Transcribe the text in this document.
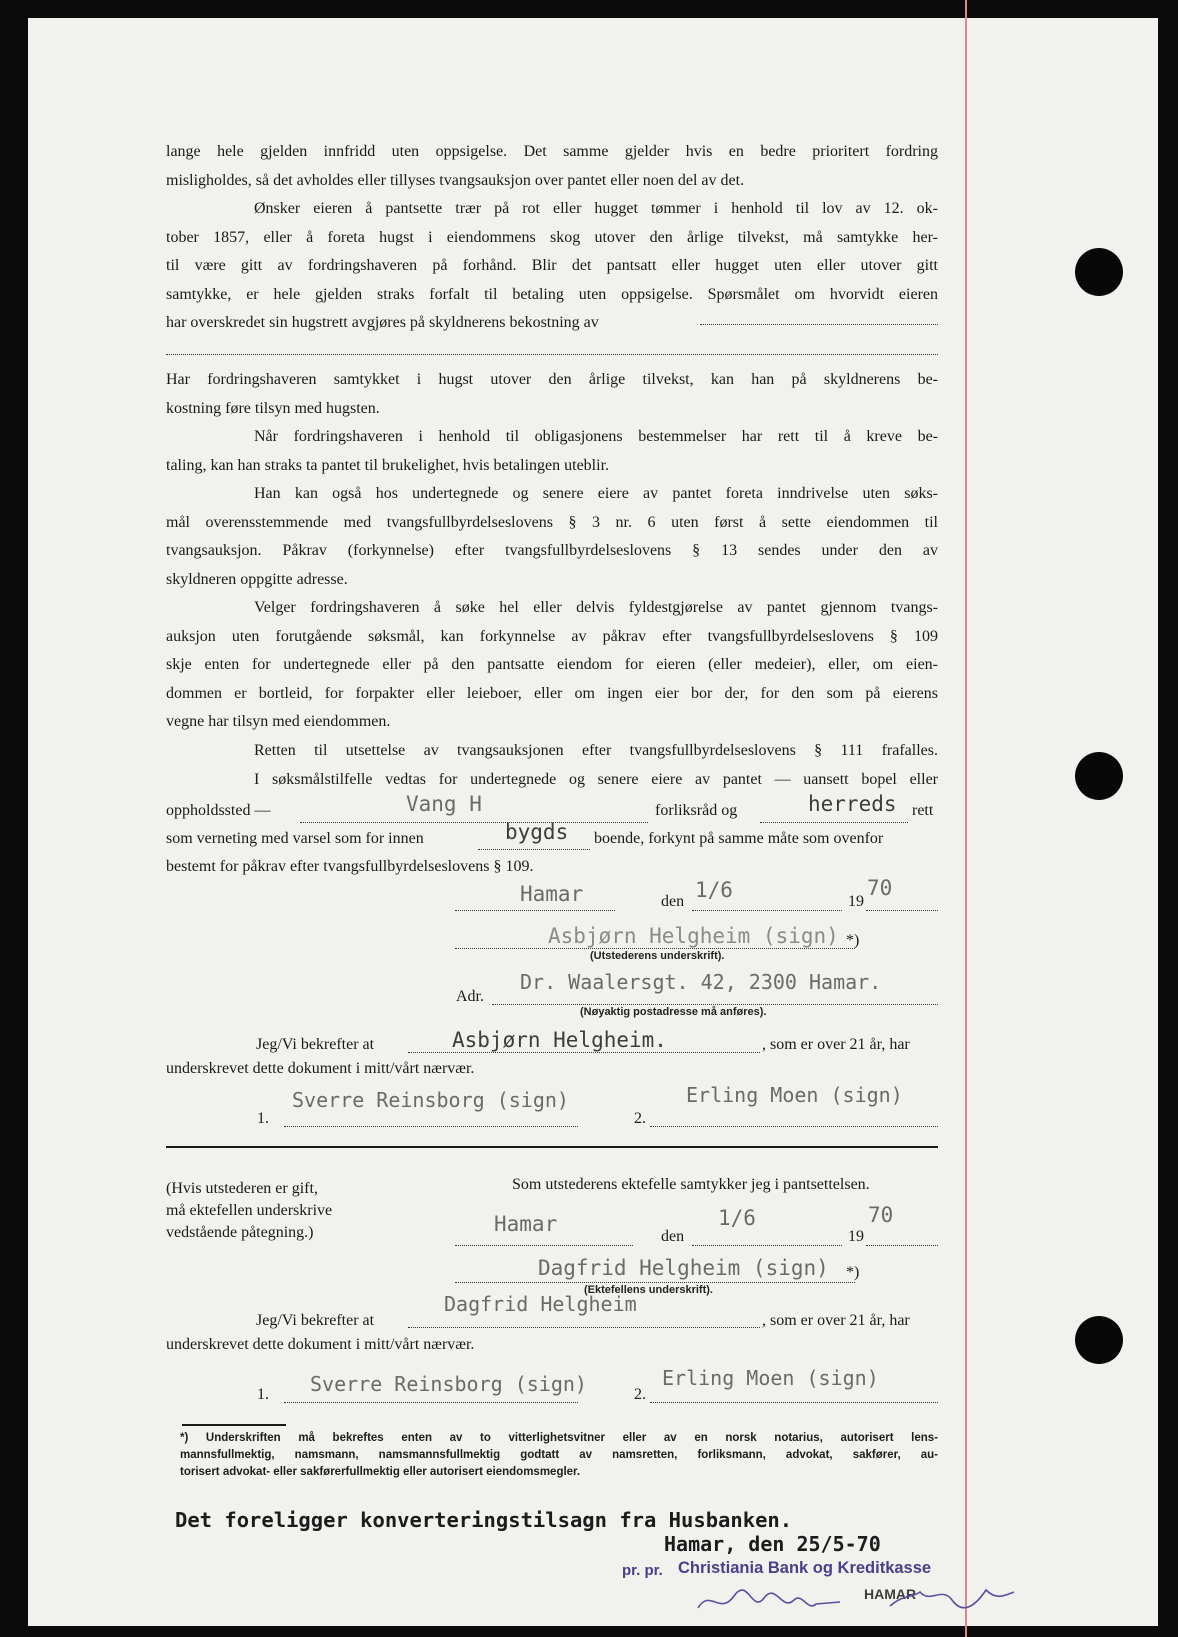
lange hele gjelden innfridd uten oppsigelse. Det samme gjelder hvis en bedre prioritert fordring
misligholdes, så det avholdes eller tillyses tvangsauksjon over pantet eller noen del av det.
Ønsker eieren å pantsette trær på rot eller hugget tømmer i henhold til lov av 12. ok-
tober 1857, eller å foreta hugst i eiendommens skog utover den årlige tilvekst, må samtykke her-
til være gitt av fordringshaveren på forhånd. Blir det pantsatt eller hugget uten eller utover gitt
samtykke, er hele gjelden straks forfalt til betaling uten oppsigelse. Spørsmålet om hvorvidt eieren
har overskredet sin hugstrett avgjøres på skyldnerens bekostning av
Har fordringshaveren samtykket i hugst utover den årlige tilvekst, kan han på skyldnerens be-
kostning føre tilsyn med hugsten.
Når fordringshaveren i henhold til obligasjonens bestemmelser har rett til å kreve be-
taling, kan han straks ta pantet til brukelighet, hvis betalingen uteblir.
Han kan også hos undertegnede og senere eiere av pantet foreta inndrivelse uten søks-
mål overensstemmende med tvangsfullbyrdelseslovens § 3 nr. 6 uten først å sette eiendommen til
tvangsauksjon. Påkrav (forkynnelse) efter tvangsfullbyrdelseslovens § 13 sendes under den av
skyldneren oppgitte adresse.
Velger fordringshaveren å søke hel eller delvis fyldestgjørelse av pantet gjennom tvangs-
auksjon uten forutgående søksmål, kan forkynnelse av påkrav efter tvangsfullbyrdelseslovens § 109
skje enten for undertegnede eller på den pantsatte eiendom for eieren (eller medeier), eller, om eien-
dommen er bortleid, for forpakter eller leieboer, eller om ingen eier bor der, for den som på eierens
vegne har tilsyn med eiendommen.
Retten til utsettelse av tvangsauksjonen efter tvangsfullbyrdelseslovens § 111 frafalles.
I søksmålstilfelle vedtas for undertegnede og senere eiere av pantet — uansett bopel eller
oppholdssted —	Vang H	forliksråd og	herreds rett
som verneting med varsel som for innen	bygds boende, forkynt på samme måte som ovenfor
bestemt for påkrav efter tvangsfullbyrdelseslovens § 109.
Hamar	den 1/6	19
70
Asbjørn Helgheim (sign) *)
(Utstederens underskrift).
Adr.
Dr. Waalersgt. 42, 2300 Hamar.
(Nøyaktig postadresse må anføres).
Jeg/Vi bekrefter at	Asbjørn Helgheim.	, som er over 21 år, har
underskrevet dette dokument i mitt/vårt nærvær.
1.
Sverre Reinsborg (sign)
2.
Erling Moen (sign)
(Hvis utstederen er gift,
må ektefellen underskrive
vedstående påtegning.)
Som utstederens ektefelle samtykker jeg i pantsettelsen.
Hamar
den
1/6
19
70
Dagfrid Helgheim (sign) *)
(Ektefellens underskrift).
Dagfrid Helgheim
Jeg/Vi bekrefter at	, som er over 21 år, har
underskrevet dette dokument i mitt/vårt nærvær.
1. Sverre Reinsborg (sign)	2.
Erling Moen (sign)
*) Underskriften må bekreftes enten av to vitterlighetsvitner eller av en norsk notarius, autorisert lens-
mannsfullmektig, namsmann, namsmannsfullmektig godtatt av namsretten, forliksmann, advokat, sakfører, au-
torisert advokat- eller sakførerfullmektig eller autorisert eiendomsmegler.
Det foreligger konverteringstilsagn fra Husbanken.
Hamar, den 25/5-70
pr. pr. Christiania Bank og Kreditkasse
HAMAR
